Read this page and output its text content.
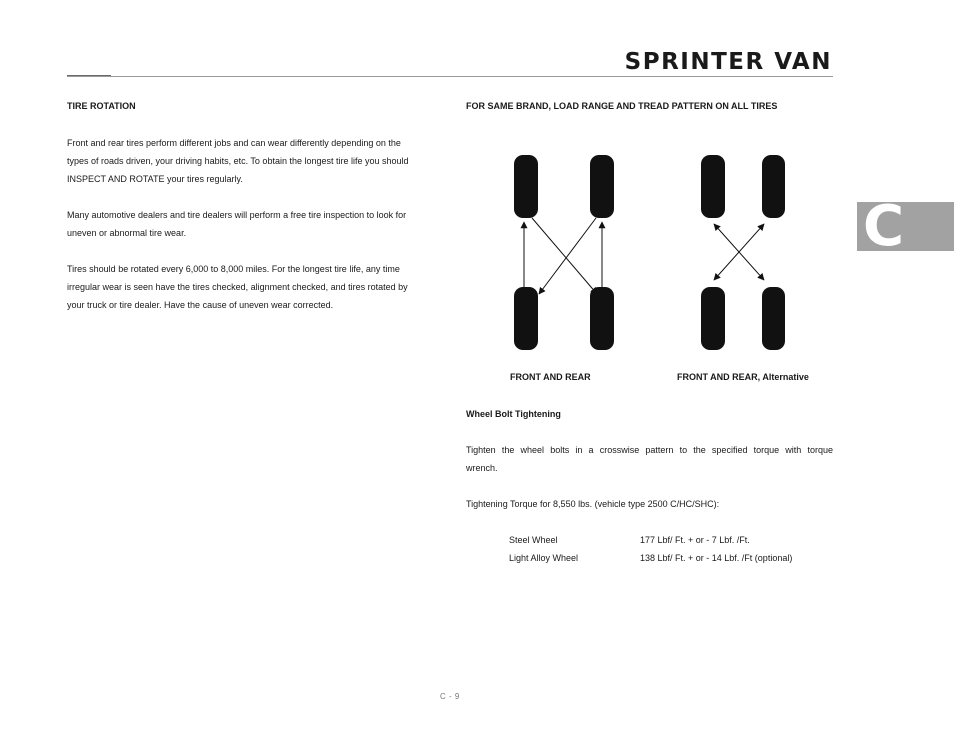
SPRINTER VAN
C
TIRE ROTATION
Front and rear tires perform different jobs and can wear differently depending on the
types of roads driven, your driving habits, etc. To obtain the longest tire life you should
INSPECT AND ROTATE your tires regularly.
Many automotive dealers and tire dealers will perform a free tire inspection to look for
uneven or abnormal tire wear.
Tires should be rotated every 6,000 to 8,000 miles. For the longest tire life, any time
irregular wear is seen have the tires checked, alignment checked, and tires rotated by
your truck or tire dealer. Have the cause of uneven wear corrected.
FOR SAME BRAND, LOAD RANGE AND TREAD PATTERN ON ALL TIRES
FRONT AND REAR	FRONT AND REAR, Alternative
Wheel Bolt Tightening
Tighten the wheel bolts in a crosswise pattern to the specified torque with torque
wrench.
Tightening Torque for 8,550 lbs. (vehicle type 2500 C/HC/SHC):
Steel Wheel	177 Lbf/ Ft. + or - 7 Lbf. /Ft.
Light Alloy Wheel	138 Lbf/ Ft. + or - 14 Lbf. /Ft (optional)
C - 9
